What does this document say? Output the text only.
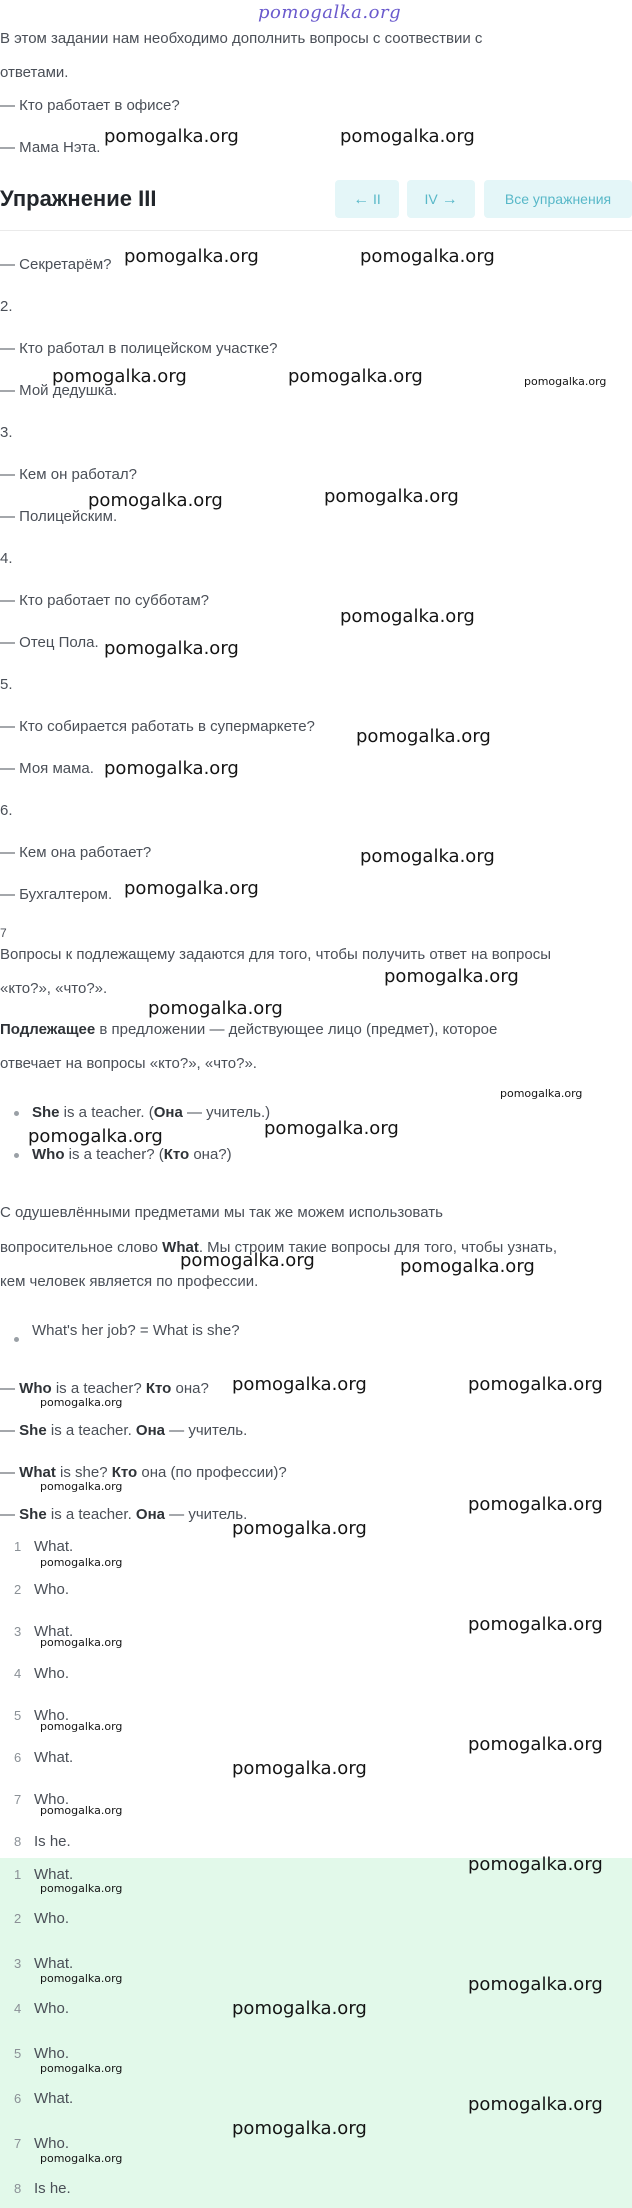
pomogalka.org
В этом задании нам необходимо дополнить вопросы с соотвествии с
ответами.
— Кто работает в офисе?
— Мама Нэта.
Упражнение III	← II	IV →	Все упражнения
— Секретарём?
2.
— Кто работал в полицейском участке?
— Мой дедушка.
3.
— Кем он работал?
— Полицейским.
4.
— Кто работает по субботам?
— Отец Пола.
5.
— Кто собирается работать в супермаркете?
— Моя мама.
6.
— Кем она работает?
— Бухгалтером.
7
Вопросы к подлежащему задаются для того, чтобы получить ответ на вопросы
«кто?», «что?».
Подлежащее в предложении — действующее лицо (предмет), которое
отвечает на вопросы «кто?», «что?».
She is a teacher. (Она — учитель.)
Who is a teacher? (Кто она?)
С одушевлёнными предметами мы так же можем использовать
вопросительное слово What. Мы строим такие вопросы для того, чтобы узнать,
кем человек является по профессии.
What's her job? = What is she?
— Who is a teacher? Кто она?
— She is a teacher. Она — учитель.
— What is she? Кто она (по профессии)?
— She is a teacher. Она — учитель.
1 What.
2 Who.
3 What.
4 Who.
5 Who.
6 What.
7 Who.
8 Is he.
1 What.
2 Who.
3 What.
4 Who.
5 Who.
6 What.
7 Who.
8 Is he.
pomogalka.org	pomogalka.org
pomogalka.org	pomogalka.org
pomogalka.org	pomogalka.org
pomogalka.org	pomogalka.org
pomogalka.org
pomogalka.org
pomogalka.org
pomogalka.org
pomogalka.org
pomogalka.org
pomogalka.org
pomogalka.org
pomogalka.org
pomogalka.org
pomogalka.org	pomogalka.org
pomogalka.org	pomogalka.org
pomogalka.org
pomogalka.org
pomogalka.org
pomogalka.org
pomogalka.org
pomogalka.org
pomogalka.org
pomogalka.org
pomogalka.org
pomogalka.org
pomogalka.org
pomogalka.org
pomogalka.org
pomogalka.org
pomogalka.org
pomogalka.org
pomogalka.org
pomogalka.org
pomogalka.org
pomogalka.org
pomogalka.org
pomogalka.org
